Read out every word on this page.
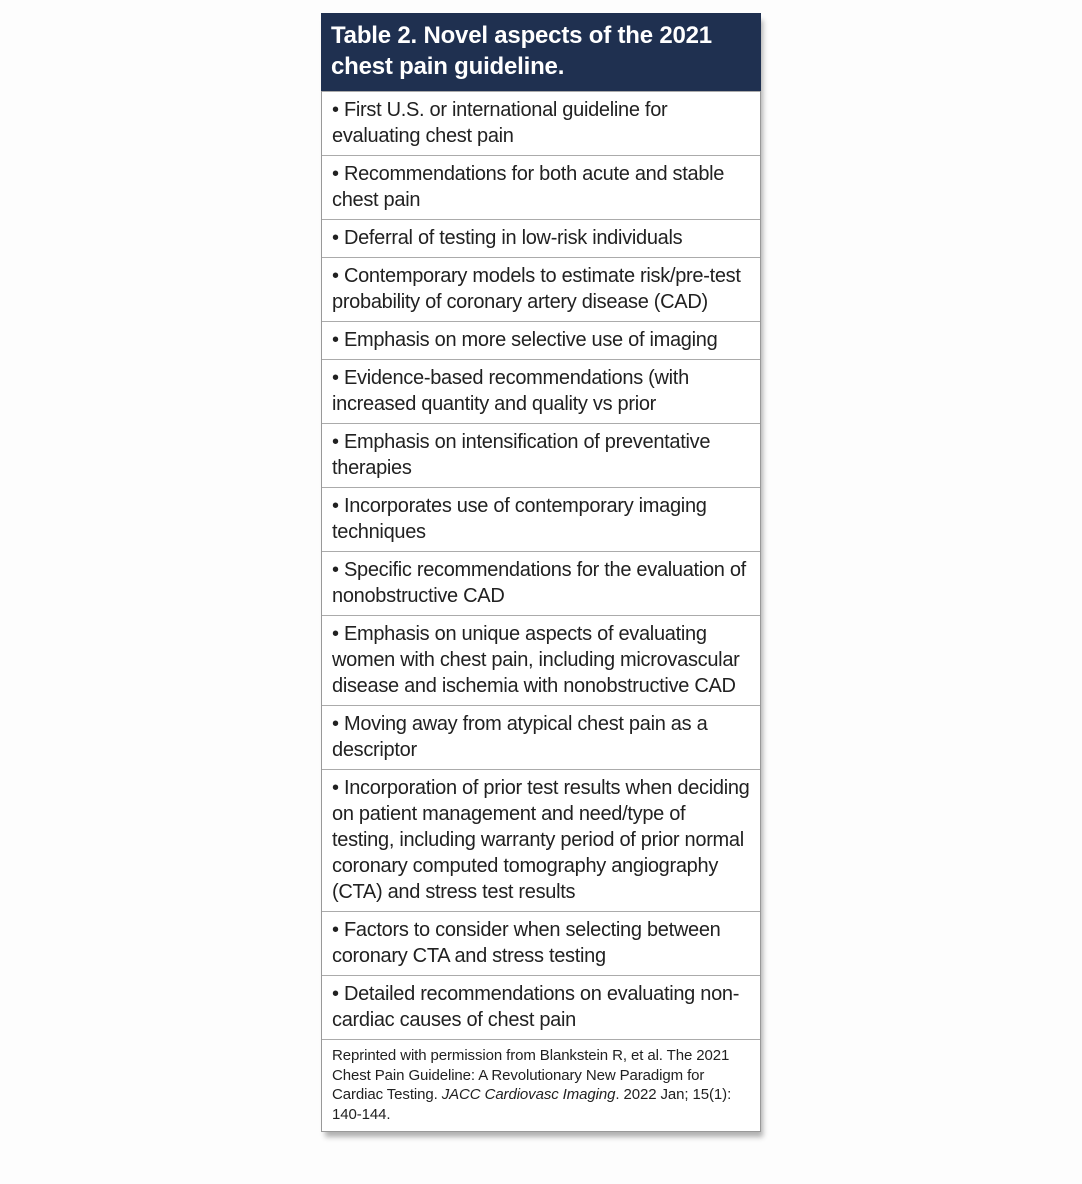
Table 2. Novel aspects of the 2021 chest pain guideline.
• First U.S. or international guideline for evaluating chest pain
• Recommendations for both acute and stable chest pain
• Deferral of testing in low-risk individuals
• Contemporary models to estimate risk/pre-test probability of coronary artery disease (CAD)
• Emphasis on more selective use of imaging
• Evidence-based recommendations (with increased quantity and quality vs prior
• Emphasis on intensification of preventative therapies
• Incorporates use of contemporary imaging techniques
• Specific recommendations for the evaluation of nonobstructive CAD
• Emphasis on unique aspects of evaluating women with chest pain, including microvascular disease and ischemia with nonobstructive CAD
• Moving away from atypical chest pain as a descriptor
• Incorporation of prior test results when deciding on patient management and need/type of testing, including warranty period of prior normal coronary computed tomography angiography (CTA) and stress test results
• Factors to consider when selecting between coronary CTA and stress testing
• Detailed recommendations on evaluating non-cardiac causes of chest pain
Reprinted with permission from Blankstein R, et al. The 2021 Chest Pain Guideline: A Revolutionary New Paradigm for Cardiac Testing. JACC Cardiovasc Imaging. 2022 Jan; 15(1): 140-144.
